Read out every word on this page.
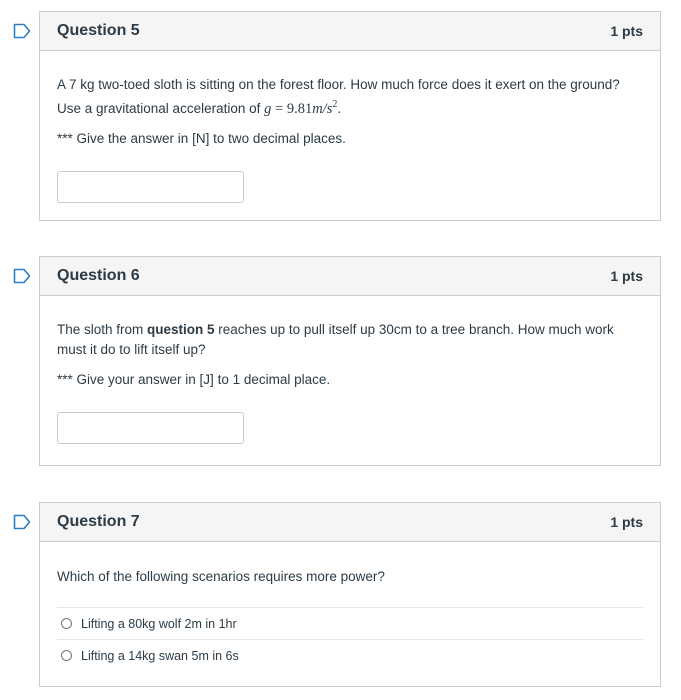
Question 5	1 pts

A 7 kg two-toed sloth is sitting on the forest floor. How much force does it exert on the ground? Use a gravitational acceleration of $g = 9.81m/s^2$.

*** Give the answer in [N] to two decimal places.

Question 6	1 pts

The sloth from question 5 reaches up to pull itself up 30cm to a tree branch. How much work must it do to lift itself up?

*** Give your answer in [J] to 1 decimal place.

Question 7	1 pts

Which of the following scenarios requires more power?

Lifting a 80kg wolf 2m in 1hr
Lifting a 14kg swan 5m in 6s
